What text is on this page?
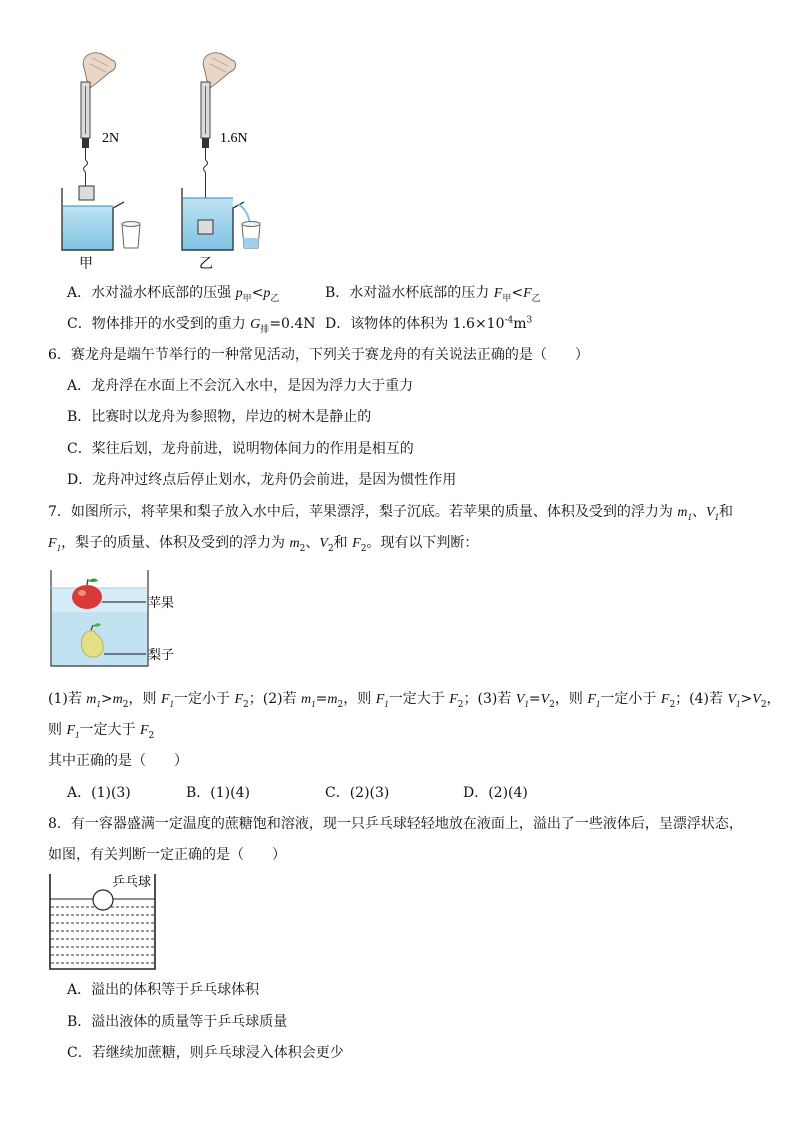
2N
甲
1.6N
乙
A．水对溢水杯底部的压强 $p_甲<p_乙$	B．水对溢水杯底部的压力 $F_甲<F_乙$
C．物体排开的水受到的重力 $G_排=0.4N$ D．该物体的体积为 $1.6\times 10^{-4}m^3$
6．赛龙舟是端午节举行的一种常见活动，下列关于赛龙舟的有关说法正确的是（　　）
A．龙舟浮在水面上不会沉入水中，是因为浮力大于重力
B．比赛时以龙舟为参照物，岸边的树木是静止的
C．桨往后划，龙舟前进，说明物体间力的作用是相互的
D．龙舟冲过终点后停止划水，龙舟仍会前进，是因为惯性作用
7．如图所示，将苹果和梨子放入水中后，苹果漂浮，梨子沉底。若苹果的质量、体积及受到的浮力为 $m_1$、$V_1$和
$F_1$，梨子的质量、体积及受到的浮力为 $m_2$、$V_2$和 $F_2$。现有以下判断：
苹果
梨子
(1)若 $m_1>m_2$，则 $F_1$一定小于 $F_2$；(2)若 $m_1=m_2$，则 $F_1$一定大于 $F_2$；(3)若 $V_1=V_2$，则 $F_1$一定小于 $F_2$；(4)若 $V_1>V_2$，
则 $F_1$一定大于 $F_2$
其中正确的是（　　）
A．(1)(3)	B．(1)(4)	C．(2)(3)	D．(2)(4)
8．有一容器盛满一定温度的蔗糖饱和溶液，现一只乒乓球轻轻地放在液面上，溢出了一些液体后，呈漂浮状态，
如图，有关判断一定正确的是（　　）
乒乓球
A．溢出的体积等于乒乓球体积
B．溢出液体的质量等于乒乓球质量
C．若继续加蔗糖，则乒乓球浸入体积会更少
